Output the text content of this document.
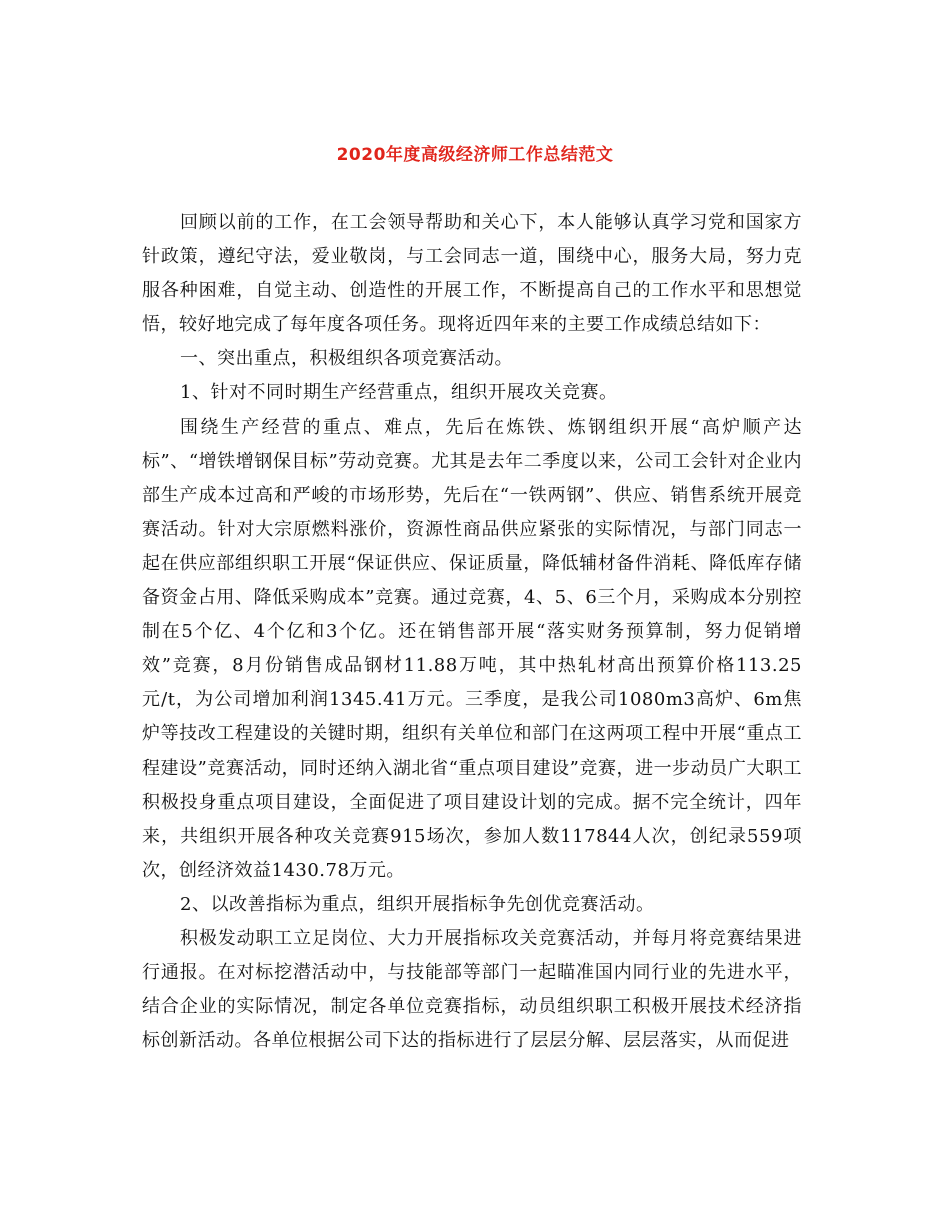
2020年度高级经济师工作总结范文

回顾以前的工作，在工会领导帮助和关心下，本人能够认真学习党和国家方针政策，遵纪守法，爱业敬岗，与工会同志一道，围绕中心，服务大局，努力克服各种困难，自觉主动、创造性的开展工作，不断提高自己的工作水平和思想觉悟，较好地完成了每年度各项任务。现将近四年来的主要工作成绩总结如下：

一、突出重点，积极组织各项竞赛活动。

1、针对不同时期生产经营重点，组织开展攻关竞赛。

围绕生产经营的重点、难点，先后在炼铁、炼钢组织开展“高炉顺产达标”、“增铁增钢保目标”劳动竞赛。尤其是去年二季度以来，公司工会针对企业内部生产成本过高和严峻的市场形势，先后在“一铁两钢”、供应、销售系统开展竞赛活动。针对大宗原燃料涨价，资源性商品供应紧张的实际情况，与部门同志一起在供应部组织职工开展“保证供应、保证质量，降低辅材备件消耗、降低库存储备资金占用、降低采购成本”竞赛。通过竞赛，4、5、6三个月，采购成本分别控制在5个亿、4个亿和3个亿。还在销售部开展“落实财务预算制，努力促销增效”竞赛，8月份销售成品钢材11.88万吨，其中热轧材高出预算价格113.25元/t，为公司增加利润1345.41万元。三季度，是我公司1080m3高炉、6m焦炉等技改工程建设的关键时期，组织有关单位和部门在这两项工程中开展“重点工程建设”竞赛活动，同时还纳入湖北省“重点项目建设”竞赛，进一步动员广大职工积极投身重点项目建设，全面促进了项目建设计划的完成。据不完全统计，四年来，共组织开展各种攻关竞赛915场次，参加人数117844人次，创纪录559项次，创经济效益1430.78万元。

2、以改善指标为重点，组织开展指标争先创优竞赛活动。

积极发动职工立足岗位、大力开展指标攻关竞赛活动，并每月将竞赛结果进行通报。在对标挖潜活动中，与技能部等部门一起瞄准国内同行业的先进水平，结合企业的实际情况，制定各单位竞赛指标，动员组织职工积极开展技术经济指标创新活动。各单位根据公司下达的指标进行了层层分解、层层落实，从而促进
